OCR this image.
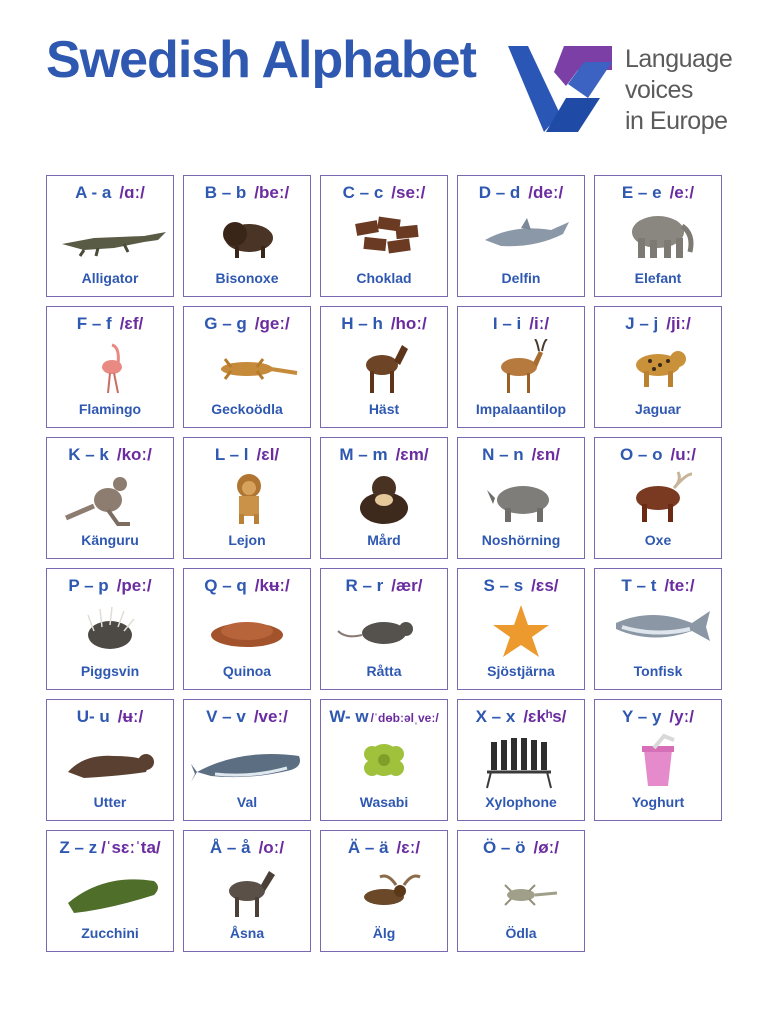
Swedish Alphabet	Language
voices
in Europe
A - a /ɑː/
Alligator
B – b /beː/
Bisonoxe
C – c /seː/
Choklad
D – d /deː/
Delfin
E – e /eː/
Elefant
F – f /ɛf/
Flamingo
G – g /geː/
Geckoödla
H – h /hoː/
Häst
I – i /iː/
Impalaantilop
J – j /jiː/
Jaguar
K – k /koː/
Känguru
L – l /ɛl/
Lejon
M – m /ɛm/
Mård
N – n /ɛn/
Noshörning
O – o /uː/
Oxe
P – p /peː/
Piggsvin
Q – q /kʉː/
Quinoa
R – r /ær/
Råtta
S – s /ɛs/
Sjöstjärna
T – t /teː/
Tonfisk
U- u /ʉː/
Utter
V – v /veː/
Val
W- w /ˈdɵbːəlˌveː/
Wasabi
X – x /ɛkʰs/
Xylophone
Y – y /yː/
Yoghurt
Z – z /ˈsɛːˈta/
Zucchini
Å – å /oː/
Åsna
Ä – ä /ɛː/
Älg
Ö – ö /øː/
Ödla
